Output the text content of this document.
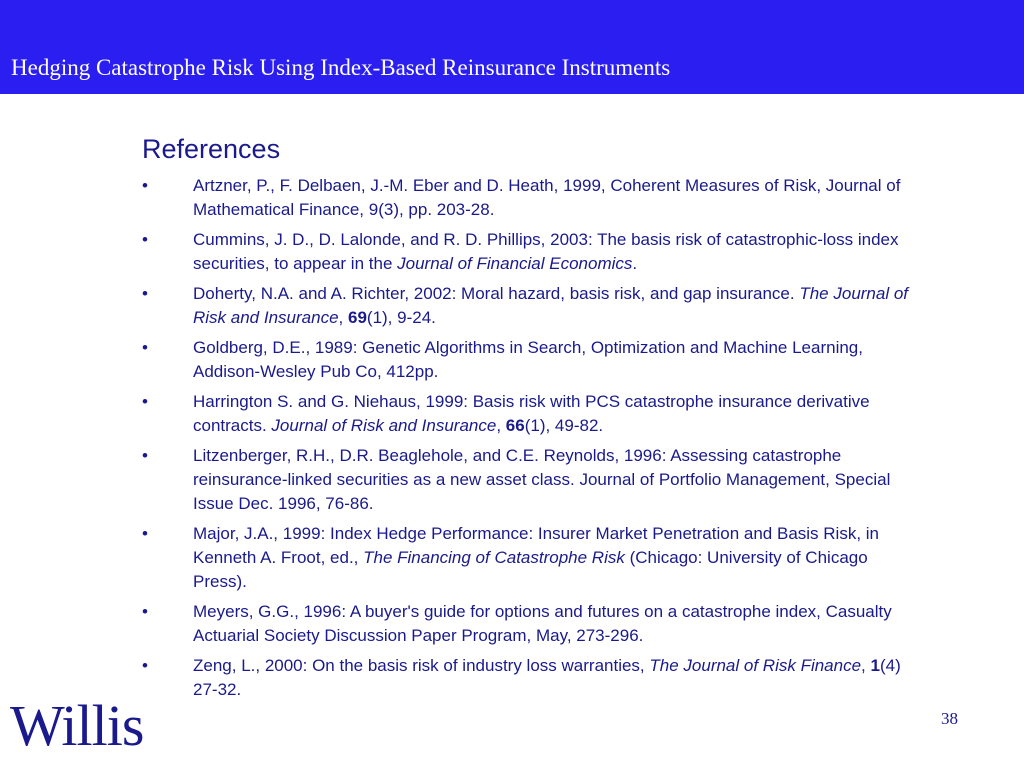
Hedging Catastrophe Risk Using Index-Based Reinsurance Instruments
References
•	Artzner, P., F. Delbaen, J.-M. Eber and D. Heath, 1999, Coherent Measures of Risk, Journal of Mathematical Finance, 9(3), pp. 203-28.
•	Cummins, J. D., D. Lalonde, and R. D. Phillips, 2003: The basis risk of catastrophic-loss index securities, to appear in the Journal of Financial Economics.
•	Doherty, N.A. and A. Richter, 2002: Moral hazard, basis risk, and gap insurance. The Journal of Risk and Insurance, 69(1), 9-24.
•	Goldberg, D.E., 1989: Genetic Algorithms in Search, Optimization and Machine Learning, Addison-Wesley Pub Co, 412pp.
•	Harrington S. and G. Niehaus, 1999: Basis risk with PCS catastrophe insurance derivative contracts. Journal of Risk and Insurance, 66(1), 49-82.
•	Litzenberger, R.H., D.R. Beaglehole, and C.E. Reynolds, 1996: Assessing catastrophe reinsurance-linked securities as a new asset class. Journal of Portfolio Management, Special Issue Dec. 1996, 76-86.
•	Major, J.A., 1999: Index Hedge Performance: Insurer Market Penetration and Basis Risk, in Kenneth A. Froot, ed., The Financing of Catastrophe Risk (Chicago: University of Chicago Press).
•	Meyers, G.G., 1996: A buyer's guide for options and futures on a catastrophe index, Casualty Actuarial Society Discussion Paper Program, May, 273-296.
•	Zeng, L., 2000: On the basis risk of industry loss warranties, The Journal of Risk Finance, 1(4) 27-32.
Willis	38
